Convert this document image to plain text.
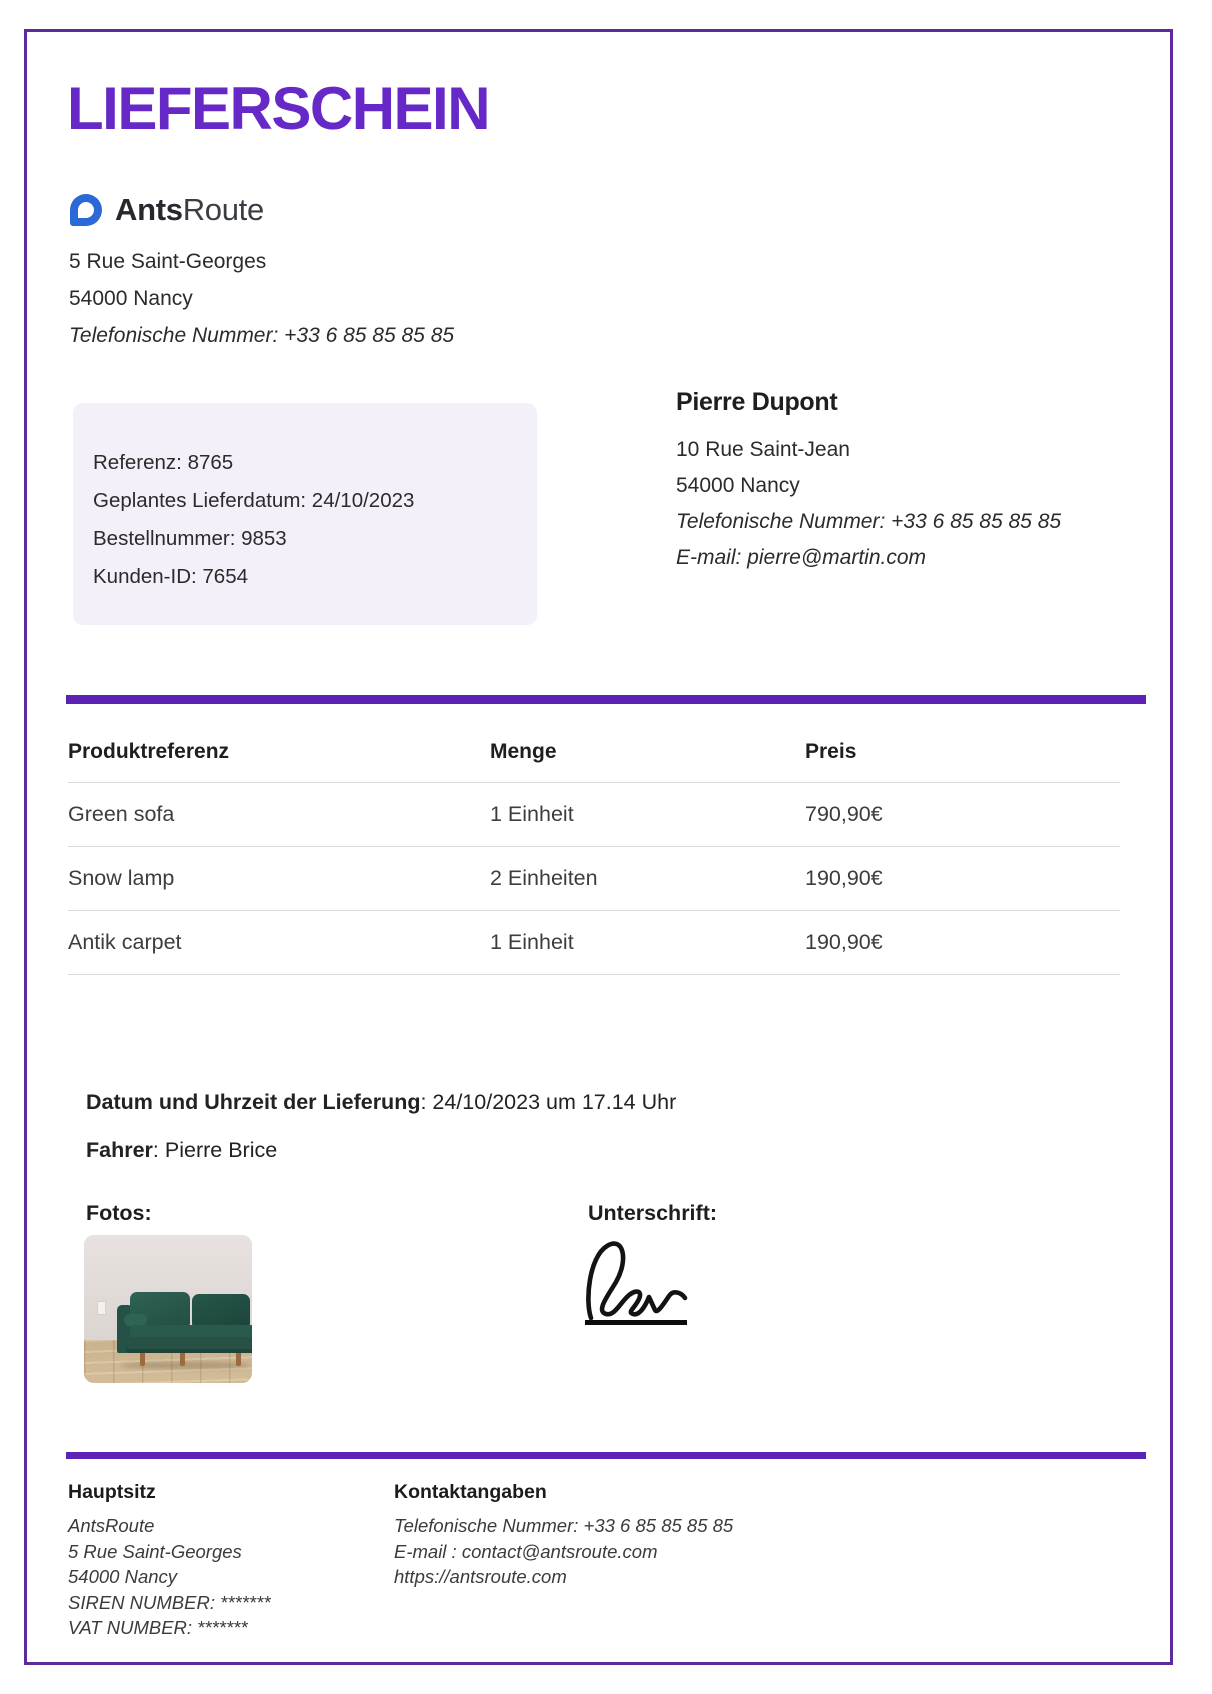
LIEFERSCHEIN
AntsRoute
5 Rue Saint-Georges
54000 Nancy
Telefonische Nummer: +33 6 85 85 85 85
Referenz: 8765
Geplantes Lieferdatum: 24/10/2023
Bestellnummer: 9853
Kunden-ID: 7654
Pierre Dupont
10 Rue Saint-Jean
54000 Nancy
Telefonische Nummer: +33 6 85 85 85 85
E-mail: pierre@martin.com
Produktreferenz	Menge	Preis
Green sofa	1 Einheit	790,90€
Snow lamp	2 Einheiten	190,90€
Antik carpet	1 Einheit	190,90€
Datum und Uhrzeit der Lieferung: 24/10/2023 um 17.14 Uhr
Fahrer: Pierre Brice
Fotos:	Unterschrift:
Hauptsitz
AntsRoute
5 Rue Saint-Georges
54000 Nancy
SIREN NUMBER: *******
VAT NUMBER: *******
Kontaktangaben
Telefonische Nummer: +33 6 85 85 85 85
E-mail : contact@antsroute.com
https://antsroute.com
